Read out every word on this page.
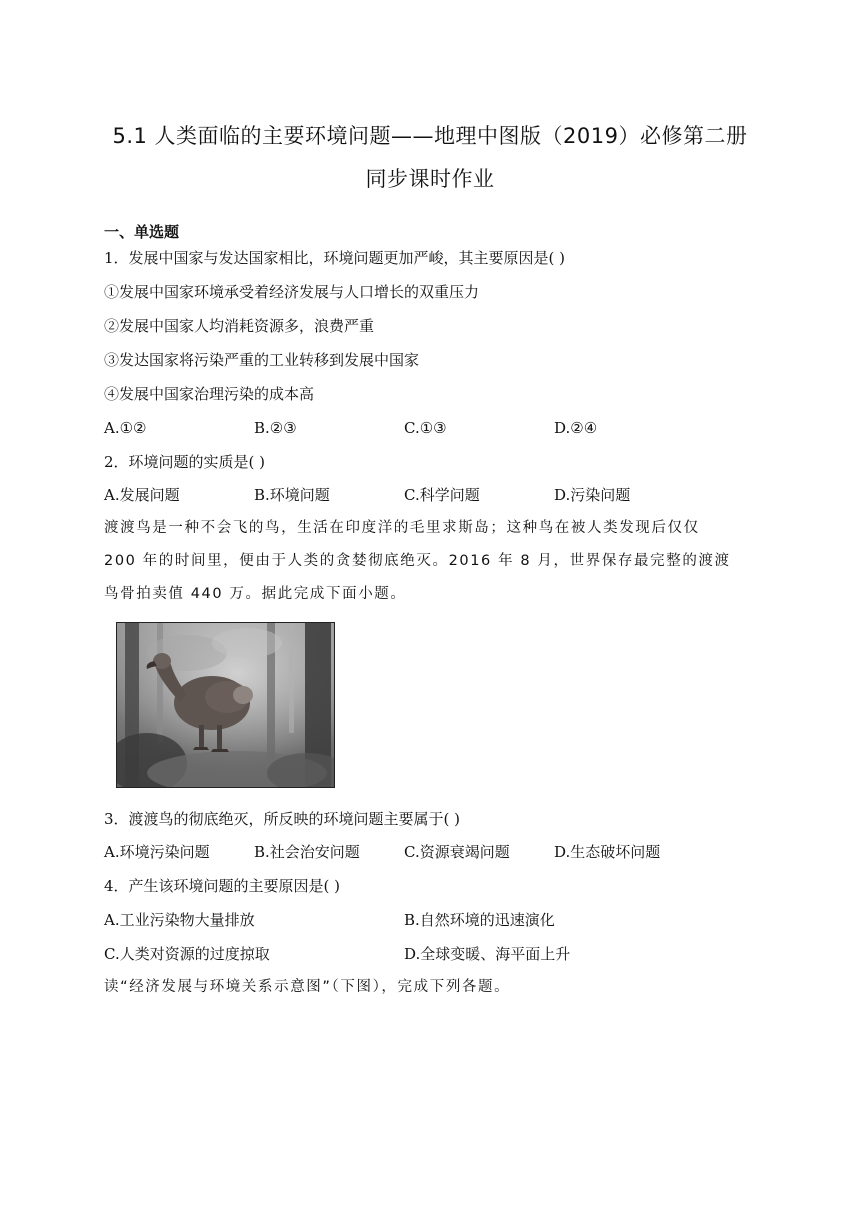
5.1 人类面临的主要环境问题——地理中图版（2019）必修第二册
同步课时作业
一、单选题
1．发展中国家与发达国家相比，环境问题更加严峻，其主要原因是( )
①发展中国家环境承受着经济发展与人口增长的双重压力
②发展中国家人均消耗资源多，浪费严重
③发达国家将污染严重的工业转移到发展中国家
④发展中国家治理污染的成本高
A.①②	B.②③	C.①③	D.②④
2．环境问题的实质是( )
A.发展问题	B.环境问题	C.科学问题	D.污染问题
渡渡鸟是一种不会飞的鸟，生活在印度洋的毛里求斯岛；这种鸟在被人类发现后仅仅
200 年的时间里，便由于人类的贪婪彻底绝灭。2016 年 8 月，世界保存最完整的渡渡
鸟骨拍卖值 440 万。据此完成下面小题。
3．渡渡鸟的彻底绝灭，所反映的环境问题主要属于( )
A.环境污染问题	B.社会治安问题	C.资源衰竭问题	D.生态破坏问题
4．产生该环境问题的主要原因是( )
A.工业污染物大量排放	B.自然环境的迅速演化
C.人类对资源的过度掠取	D.全球变暖、海平面上升
读“经济发展与环境关系示意图”（下图），完成下列各题。
